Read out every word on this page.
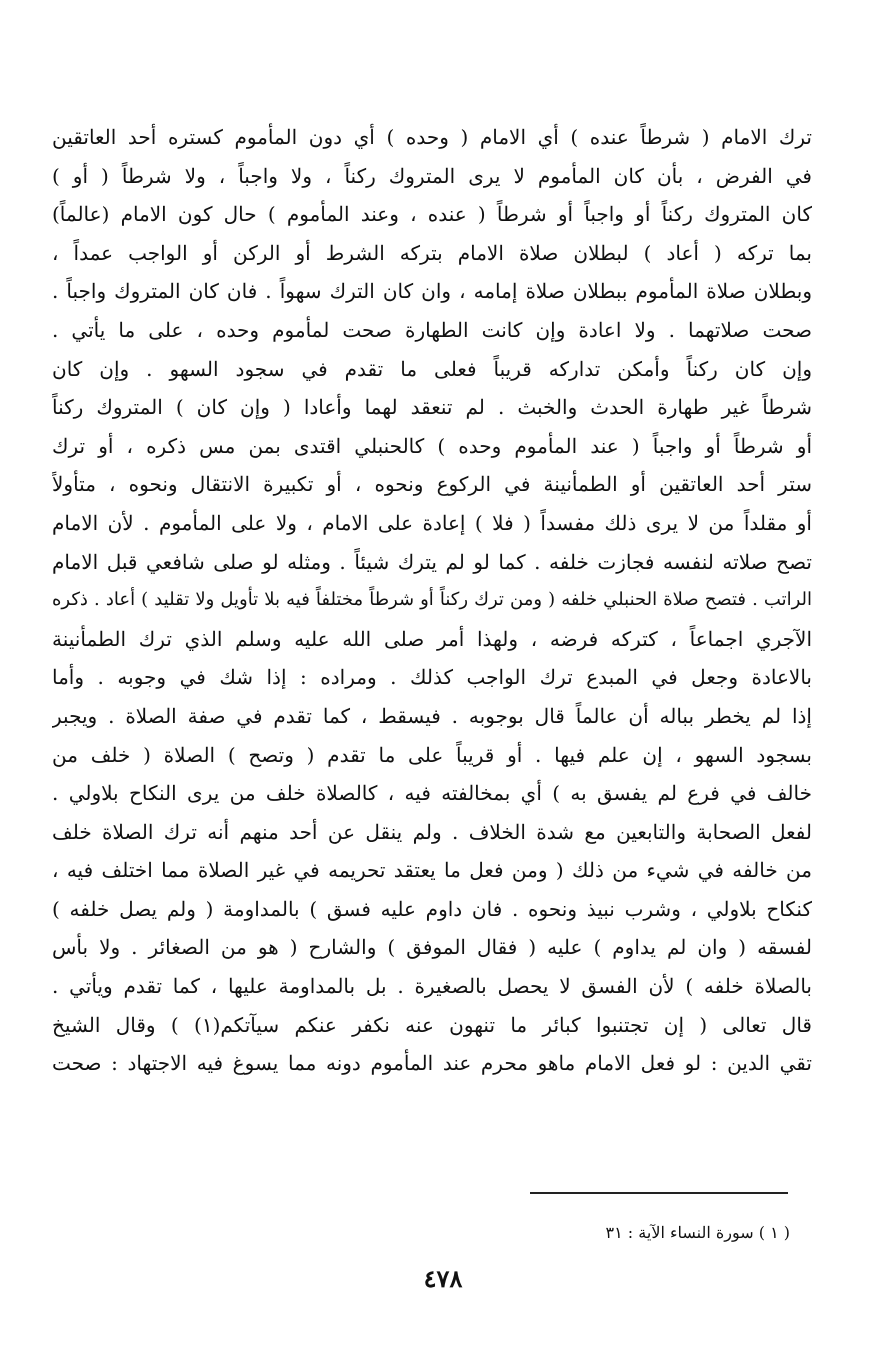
ترك الامام ( شرطاً عنده ) أي الامام ( وحده ) أي دون المأموم كستره أحد العاتقين
في الفرض ، بأن كان المأموم لا يرى المتروك ركناً ، ولا واجباً ، ولا شرطاً ( أو )
كان المتروك ركناً أو واجباً أو شرطاً ( عنده ، وعند المأموم ) حال كون الامام (عالماً)
بما تركه ( أعاد ) لبطلان صلاة الامام بتركه الشرط أو الركن أو الواجب عمداً ،
وبطلان صلاة المأموم ببطلان صلاة إمامه ، وان كان الترك سهواً . فان كان المتروك واجباً .
صحت صلاتهما . ولا اعادة وإن كانت الطهارة صحت لمأموم وحده ، على ما يأتي .
وإن كان ركناً وأمكن تداركه قريباً فعلى ما تقدم في سجود السهو . وإن كان
شرطاً غير طهارة الحدث والخبث . لم تنعقد لهما وأعادا ( وإن كان ) المتروك ركناً
أو شرطاً أو واجباً ( عند المأموم وحده ) كالحنبلي اقتدى بمن مس ذكره ، أو ترك
ستر أحد العاتقين أو الطمأنينة في الركوع ونحوه ، أو تكبيرة الانتقال ونحوه ، متأولاً
أو مقلداً من لا يرى ذلك مفسداً ( فلا ) إعادة على الامام ، ولا على المأموم . لأن الامام
تصح صلاته لنفسه فجازت خلفه . كما لو لم يترك شيئاً . ومثله لو صلى شافعي قبل الامام
الراتب . فتصح صلاة الحنبلي خلفه ( ومن ترك ركناً أو شرطاً مختلفاً فيه بلا تأويل ولا تقليد ) أعاد . ذكره
الآجري اجماعاً ، كتركه فرضه ، ولهذا أمر صلى الله عليه وسلم الذي ترك الطمأنينة
بالاعادة وجعل في المبدع ترك الواجب كذلك . ومراده : إذا شك في وجوبه . وأما
إذا لم يخطر بباله أن عالماً قال بوجوبه . فيسقط ، كما تقدم في صفة الصلاة . ويجبر
بسجود السهو ، إن علم فيها . أو قريباً على ما تقدم ( وتصح ) الصلاة ( خلف من
خالف في فرع لم يفسق به ) أي بمخالفته فيه ، كالصلاة خلف من يرى النكاح بلاولي .
لفعل الصحابة والتابعين مع شدة الخلاف . ولم ينقل عن أحد منهم أنه ترك الصلاة خلف
من خالفه في شيء من ذلك ( ومن فعل ما يعتقد تحريمه في غير الصلاة مما اختلف فيه ،
كنكاح بلاولي ، وشرب نبيذ ونحوه . فان داوم عليه فسق ) بالمداومة ( ولم يصل خلفه )
لفسقه ( وان لم يداوم ) عليه ( فقال الموفق ) والشارح ( هو من الصغائر . ولا بأس
بالصلاة خلفه ) لأن الفسق لا يحصل بالصغيرة . بل بالمداومة عليها ، كما تقدم ويأتي .
قال تعالى ( إن تجتنبوا كبائر ما تنهون عنه نكفر عنكم سيآتكم(١) ) وقال الشيخ
تقي الدين : لو فعل الامام ماهو محرم عند المأموم دونه مما يسوغ فيه الاجتهاد : صحت
( ١ ) سورة النساء الآية : ٣١
٤٧٨
